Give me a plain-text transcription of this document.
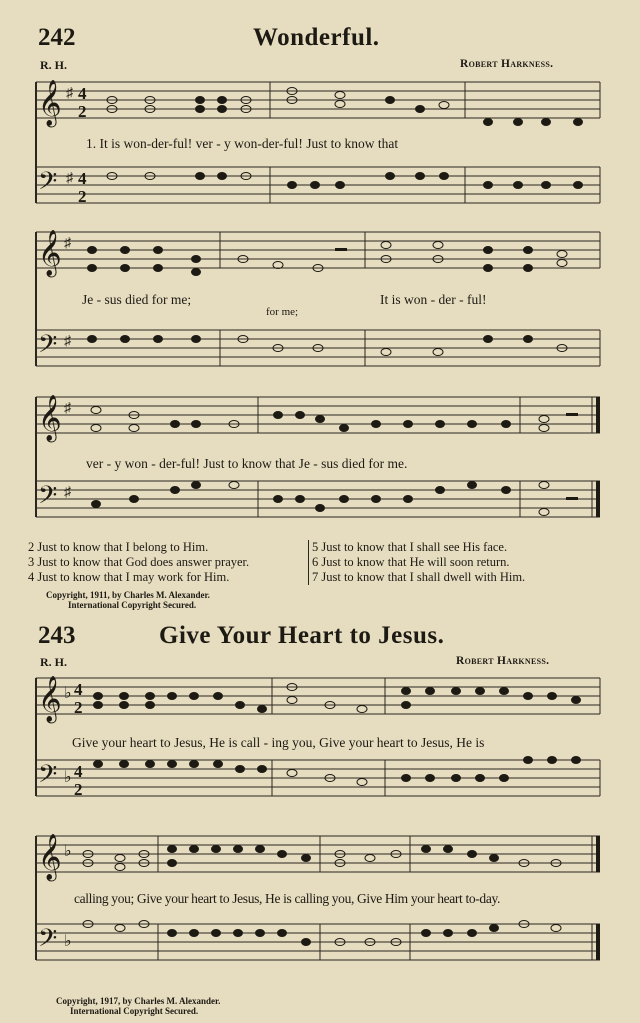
242	Wonderful.
R. H.	Robert Harkness.
𝄞
𝄢
♯
♯
4
2
4
2
1. It is won-der-ful! ver - y won-der-ful! Just to know that
𝄞
𝄢
♯
♯
Je - sus died for me;
for me;
It is won - der - ful!
𝄞
𝄢
♯
♯
ver - y won - der-ful! Just to know that Je - sus died for me.
2 Just to know that I belong to Him.
3 Just to know that God does answer prayer.
4 Just to know that I may work for Him.
5 Just to know that I shall see His face.
6 Just to know that He will soon return.
7 Just to know that I shall dwell with Him.
Copyright, 1911, by Charles M. Alexander.
International Copyright Secured.
243	Give Your Heart to Jesus.
R. H.	Robert Harkness.
𝄞
𝄢
♭
♭
4
2
4
2
Give your heart to Jesus, He is call - ing you, Give your heart to Jesus, He is
𝄞
𝄢
♭
♭
calling you; Give your heart to Jesus, He is calling you, Give Him your heart to-day.
Copyright, 1917, by Charles M. Alexander.
International Copyright Secured.
